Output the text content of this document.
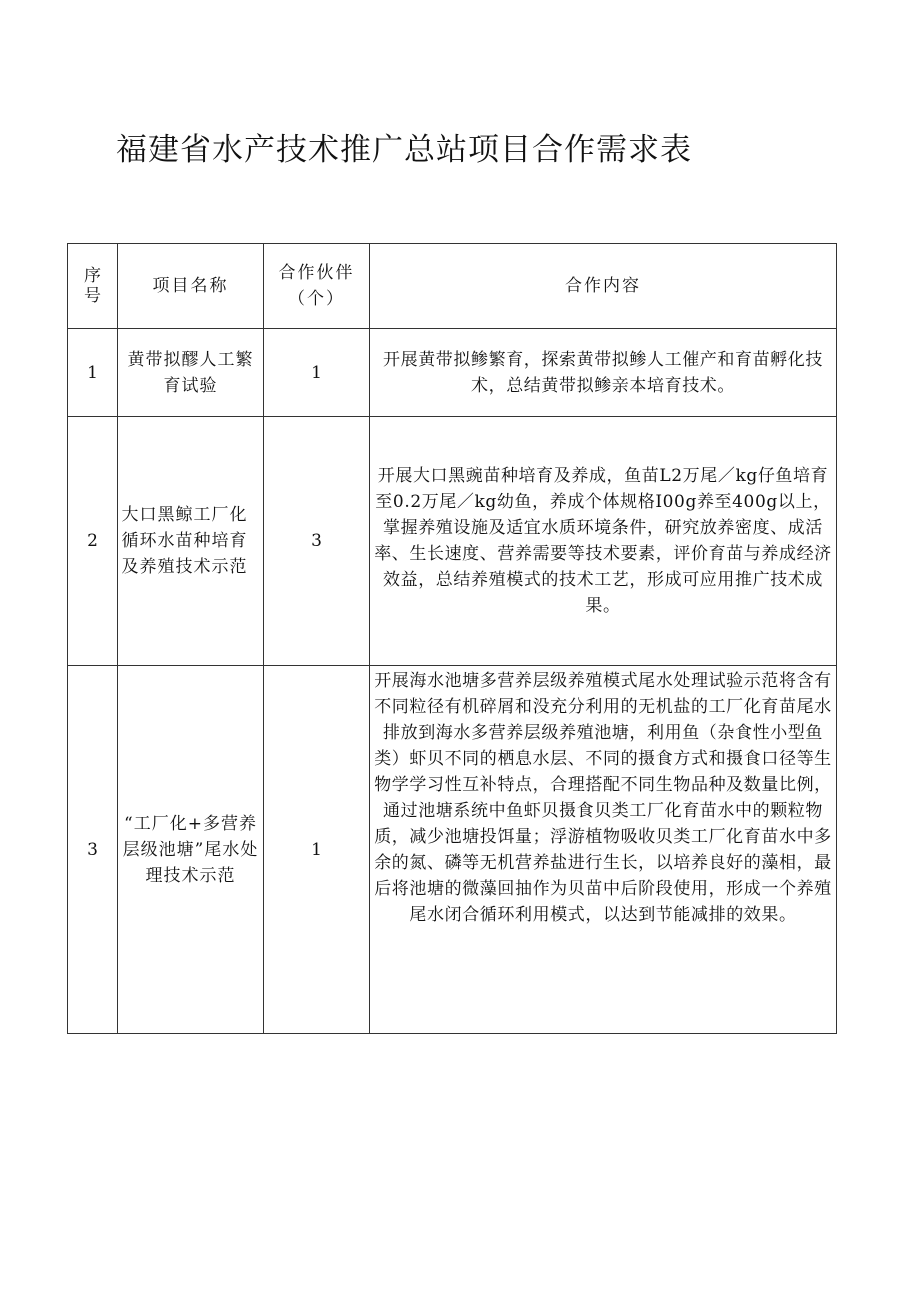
福建省水产技术推广总站项目合作需求表
序号	项目名称	合作伙伴（个）	合作内容
1	黄带拟醪人工繁育试验	1	开展黄带拟鲹繁育，探索黄带拟鲹人工催产和育苗孵化技术，总结黄带拟鲹亲本培育技术。
2	大口黑鲸工厂化循环水苗种培育及养殖技术示范	3	开展大口黑豌苗种培育及养成，鱼苗L2万尾／kg仔鱼培育至0.2万尾／kg幼鱼，养成个体规格I00g养至400g以上，掌握养殖设施及适宜水质环境条件，研究放养密度、成活率、生长速度、营养需要等技术要素，评价育苗与养成经济效益，总结养殖模式的技术工艺，形成可应用推广技术成果。
3	“工厂化+多营养层级池塘”尾水处理技术示范	1	开展海水池塘多营养层级养殖模式尾水处理试验示范将含有不同粒径有机碎屑和没充分利用的无机盐的工厂化育苗尾水排放到海水多营养层级养殖池塘，利用鱼（杂食性小型鱼类）虾贝不同的栖息水层、不同的摄食方式和摄食口径等生物学学习性互补特点，合理搭配不同生物品种及数量比例，通过池塘系统中鱼虾贝摄食贝类工厂化育苗水中的颗粒物质，减少池塘投饵量；浮游植物吸收贝类工厂化育苗水中多余的氮、磷等无机营养盐进行生长，以培养良好的藻相，最后将池塘的微藻回抽作为贝苗中后阶段使用，形成一个养殖尾水闭合循环利用模式，以达到节能减排的效果。
